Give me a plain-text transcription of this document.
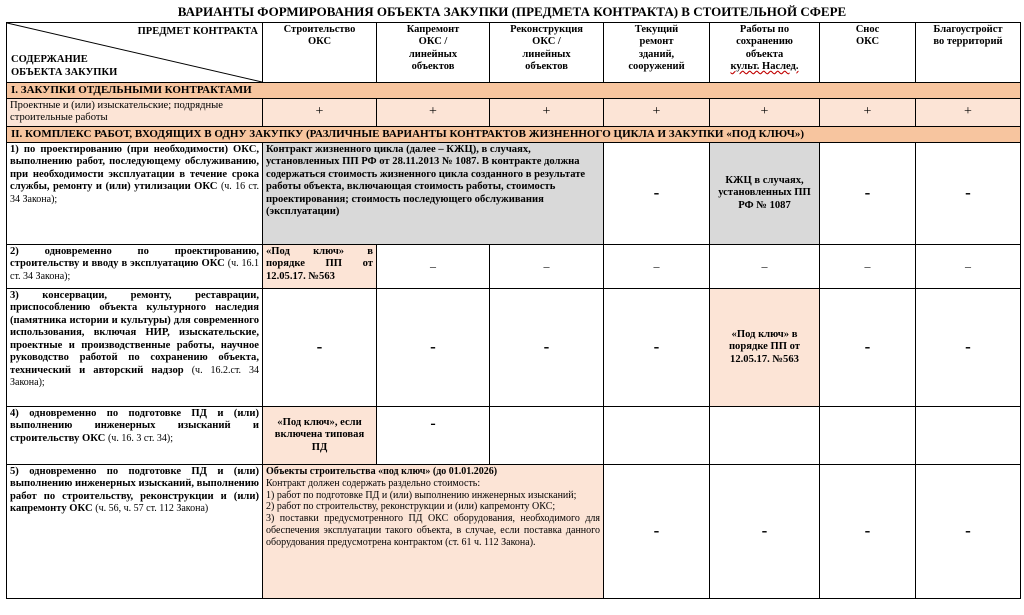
ВАРИАНТЫ ФОРМИРОВАНИЯ ОБЪЕКТА ЗАКУПКИ (ПРЕДМЕТА КОНТРАКТА) В СТОИТЕЛЬНОЙ СФЕРЕ
ПРЕДМЕТ КОНТРАКТА
СОДЕРЖАНИЕ
ОБЪЕКТА ЗАКУПКИ	Строительство
ОКС	Капремонт
ОКС /
линейных
объектов	Реконструкция
ОКС /
линейных
объектов	Текущий
ремонт
зданий,
сооружений	Работы по
сохранению
объекта
культ. Наслед.	Снос
ОКС	Благоустройст
во территорий
I. ЗАКУПКИ ОТДЕЛЬНЫМИ КОНТРАКТАМИ							
Проектные и (или) изыскательские; подрядные строительные работы	+	+	+	+	+	+	+
II. КОМПЛЕКС РАБОТ, ВХОДЯЩИХ В ОДНУ ЗАКУПКУ (РАЗЛИЧНЫЕ ВАРИАНТЫ КОНТРАКТОВ ЖИЗНЕННОГО ЦИКЛА И ЗАКУПКИ «ПОД КЛЮЧ»)							
1) по проектированию (при необходимости) ОКС, выполнению работ, последующему обслуживанию, при необходимости эксплуатации в течение срока службы, ремонту и (или) утилизации ОКС (ч. 16 ст. 34 Закона);	Контракт жизненного цикла (далее – КЖЦ), в случаях, установленных ПП РФ от 28.11.2013 № 1087. В контракте должна содержаться стоимость жизненного цикла созданного в результате работы объекта, включающая стоимость работы, стоимость проектирования; стоимость последующего обслуживания (эксплуатации)			-	КЖЦ в случаях, установленных ПП РФ № 1087	-	-
2) одновременно по проектированию, строительству и вводу в эксплуатацию ОКС (ч. 16.1 ст. 34 Закона);	«Под ключ» в порядке ПП от 12.05.17. №563	–	–	–	–	–	–
3) консервации, ремонту, реставрации, приспособлению объекта культурного наследия (памятника истории и культуры) для современного использования, включая НИР, изыскательские, проектные и производственные работы, научное руководство работой по сохранению объекта, технический и авторский надзор (ч. 16.2.ст. 34 Закона);	-	-	-	-	«Под ключ» в порядке ПП от 12.05.17. №563	-	-
4) одновременно по подготовке ПД и (или) выполнению инженерных изысканий и строительству ОКС (ч. 16. 3 ст. 34);	«Под ключ», если включена типовая ПД	-					
5) одновременно по подготовке ПД и (или) выполнению инженерных изысканий, выполнению работ по строительству, реконструкции и (или) капремонту ОКС (ч. 56, ч. 57 ст. 112 Закона)	Объекты строительства «под ключ» (до 01.01.2026)
Контракт должен содержать раздельно стоимость:
1) работ по подготовке ПД и (или) выполнению инженерных изысканий;
2) работ по строительству, реконструкции и (или) капремонту ОКС;
3) поставки предусмотренного ПД ОКС оборудования, необходимого для обеспечения эксплуатации такого объекта, в случае, если поставка данного оборудования предусмотрена контрактом (ст. 61 ч. 112 Закона).			-	-	-	-
